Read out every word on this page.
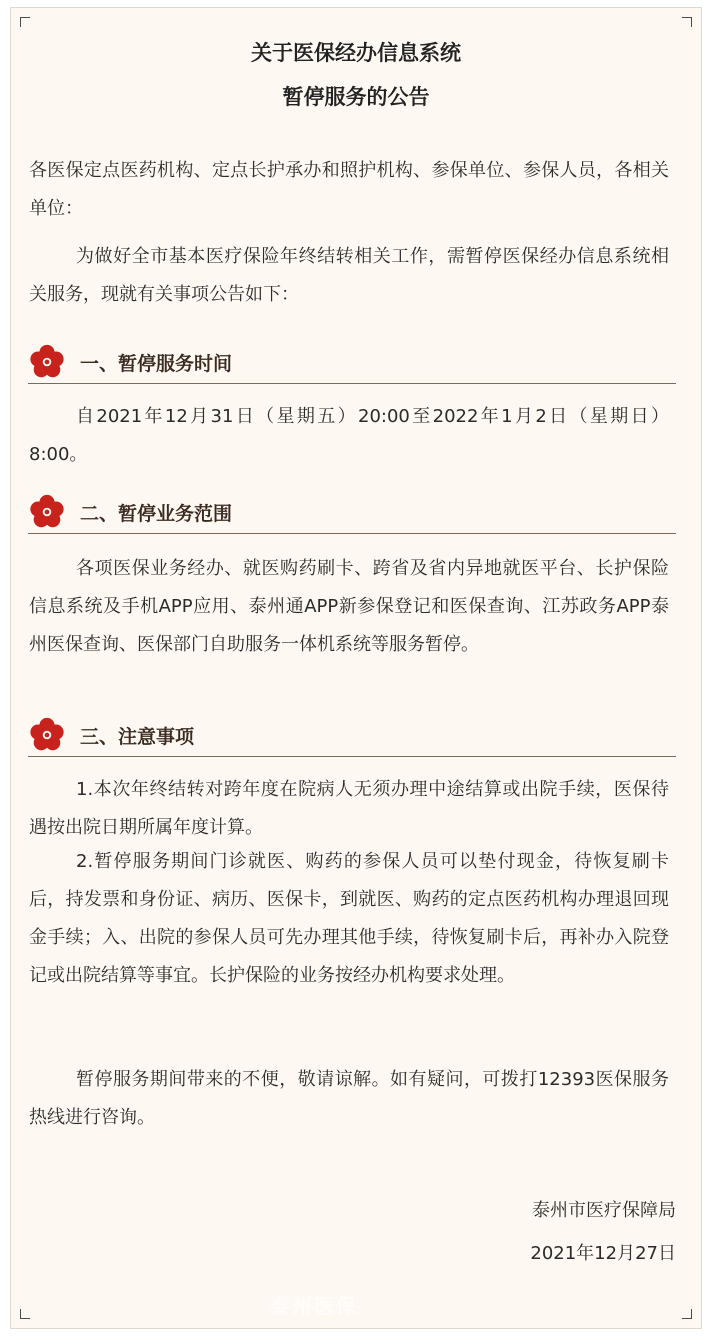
关于医保经办信息系统
暂停服务的公告

各医保定点医药机构、定点长护承办和照护机构、参保单位、参保人员，各相关单位：

为做好全市基本医疗保险年终结转相关工作，需暂停医保经办信息系统相关服务，现就有关事项公告如下：

一、暂停服务时间

自2021年12月31日（星期五）20:00至2022年1月2日（星期日）8:00。

二、暂停业务范围

各项医保业务经办、就医购药刷卡、跨省及省内异地就医平台、长护保险信息系统及手机APP应用、泰州通APP新参保登记和医保查询、江苏政务APP泰州医保查询、医保部门自助服务一体机系统等服务暂停。

三、注意事项

1.本次年终结转对跨年度在院病人无须办理中途结算或出院手续，医保待遇按出院日期所属年度计算。

2.暂停服务期间门诊就医、购药的参保人员可以垫付现金，待恢复刷卡后，持发票和身份证、病历、医保卡，到就医、购药的定点医药机构办理退回现金手续；入、出院的参保人员可先办理其他手续，待恢复刷卡后，再补办入院登记或出院结算等事宜。长护保险的业务按经办机构要求处理。

暂停服务期间带来的不便，敬请谅解。如有疑问，可拨打12393医保服务热线进行咨询。

泰州市医疗保障局
2021年12月27日
泰州医保
